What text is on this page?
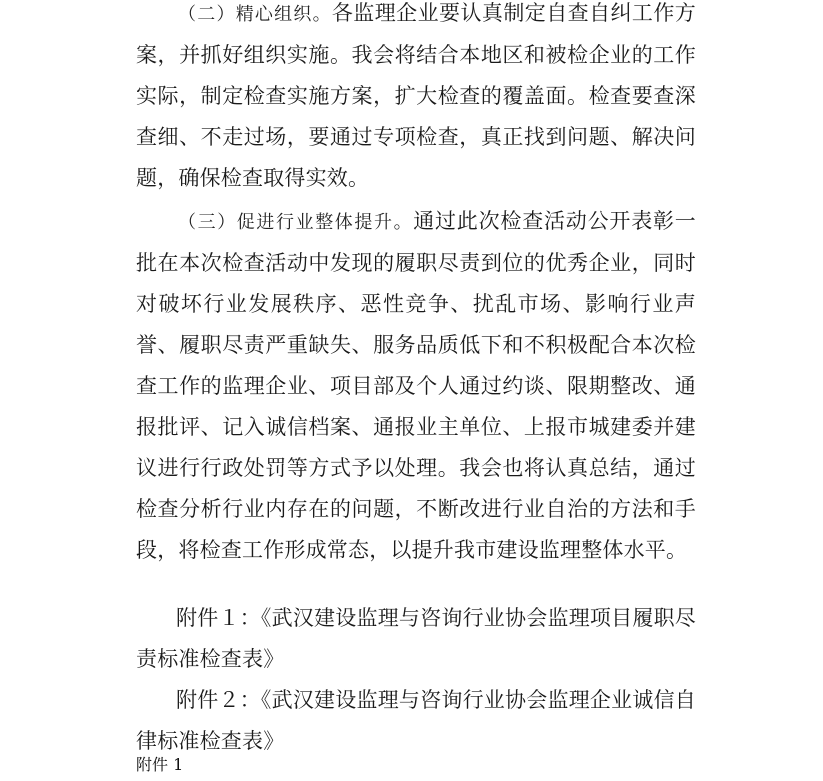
（二）精心组织。各监理企业要认真制定自查自纠工作方案，并抓好组织实施。我会将结合本地区和被检企业的工作实际，制定检查实施方案，扩大检查的覆盖面。检查要查深查细、不走过场，要通过专项检查，真正找到问题、解决问题，确保检查取得实效。

（三）促进行业整体提升。通过此次检查活动公开表彰一批在本次检查活动中发现的履职尽责到位的优秀企业，同时对破坏行业发展秩序、恶性竞争、扰乱市场、影响行业声誉、履职尽责严重缺失、服务品质低下和不积极配合本次检查工作的监理企业、项目部及个人通过约谈、限期整改、通报批评、记入诚信档案、通报业主单位、上报市城建委并建议进行行政处罚等方式予以处理。我会也将认真总结，通过检查分析行业内存在的问题，不断改进行业自治的方法和手段，将检查工作形成常态，以提升我市建设监理整体水平。

附件１：《武汉建设监理与咨询行业协会监理项目履职尽责标准检查表》

附件２：《武汉建设监理与咨询行业协会监理企业诚信自律标准检查表》

附件 1
